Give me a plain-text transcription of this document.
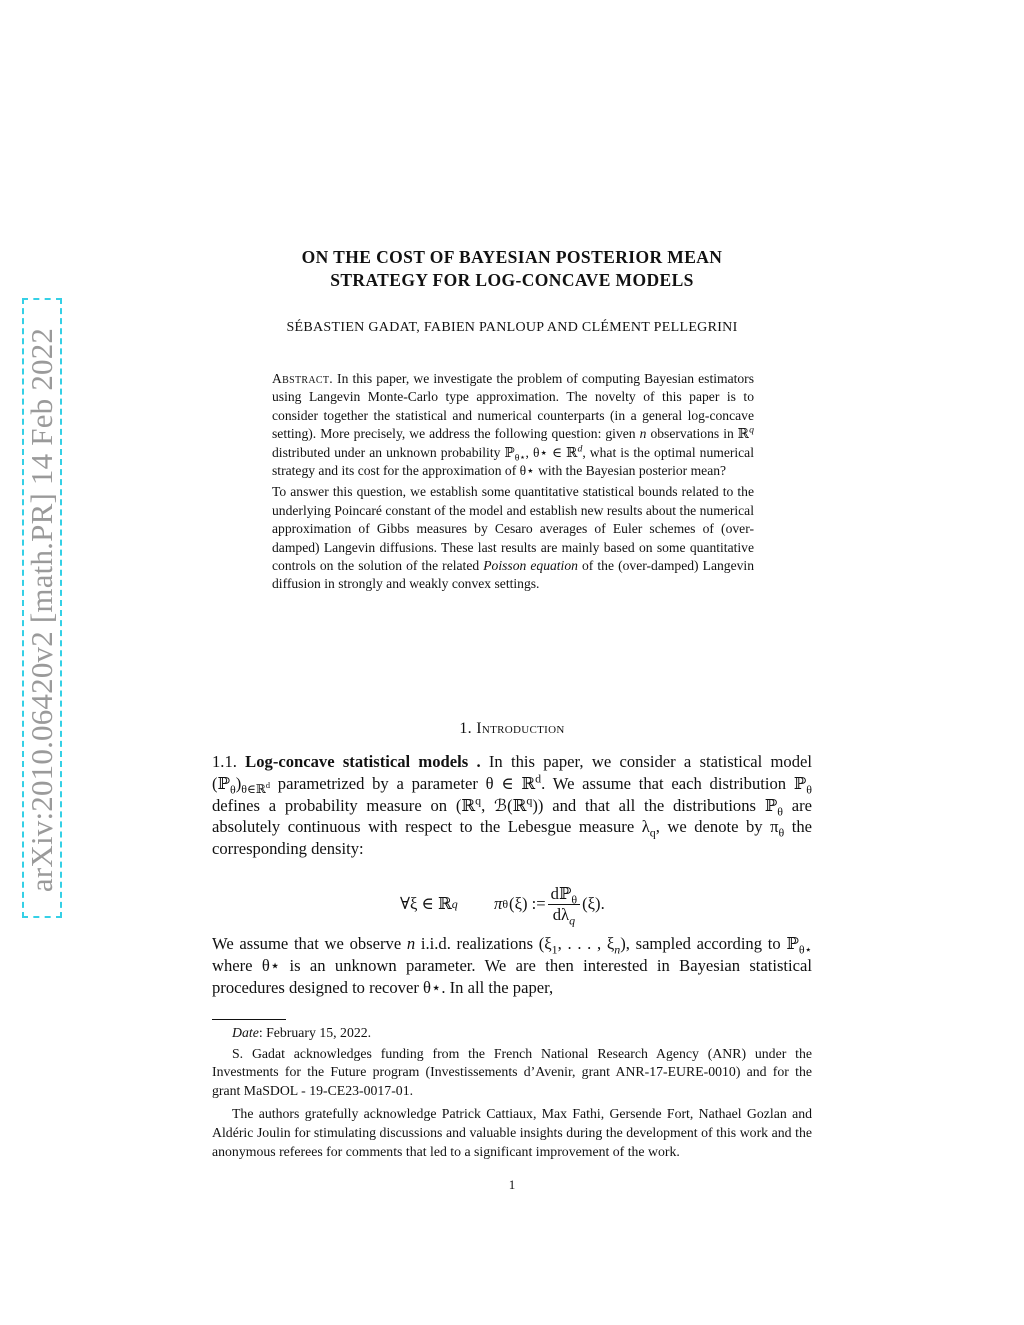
arXiv:2010.06420v2 [math.PR] 14 Feb 2022
ON THE COST OF BAYESIAN POSTERIOR MEAN
STRATEGY FOR LOG-CONCAVE MODELS
SÉBASTIEN GADAT, FABIEN PANLOUP AND CLÉMENT PELLEGRINI

Abstract. In this paper, we investigate the problem of computing Bayesian estimators using Langevin Monte-Carlo type approximation. The novelty of this paper is to consider together the statistical and numerical counterparts (in a general log-concave setting). More precisely, we address the following question: given n observations in ℝ$^q$ distributed under an unknown probability ℙ$_{\theta⋆}$, θ⋆ ∈ ℝ$^d$, what is the optimal numerical strategy and its cost for the approximation of θ⋆ with the Bayesian posterior mean?

To answer this question, we establish some quantitative statistical bounds related to the underlying Poincaré constant of the model and establish new results about the numerical approximation of Gibbs measures by Cesaro averages of Euler schemes of (over-damped) Langevin diffusions. These last results are mainly based on some quantitative controls on the solution of the related Poisson equation of the (over-damped) Langevin diffusion in strongly and weakly convex settings.

1. Introduction

1.1. Log-concave statistical models . In this paper, we consider a statistical model $(ℙ_\theta)_{\theta\in ℝ^d}$ parametrized by a parameter θ ∈ ℝ$^d$. We assume that each distribution ℙ$_\theta$ defines a probability measure on (ℝ$^q$, ℬ(ℝ$^q$)) and that all the distributions ℙ$_\theta$ are absolutely continuous with respect to the Lebesgue measure $\lambda_q$, we denote by $\pi_\theta$ the corresponding density:

∀ξ ∈ ℝ q π θ (ξ) := $\frac{dℙ_\theta}{d\lambda_q} (\xi)$.

We assume that we observe n i.i.d. realizations ($\xi_1$, . . . , $\xi_n$), sampled according to ℙ$_{\theta⋆}$ where θ⋆ is an unknown parameter. We are then interested in Bayesian statistical procedures designed to recover θ⋆. In all the paper,

Date: February 15, 2022.

S. Gadat acknowledges funding from the French National Research Agency (ANR) under the Investments for the Future program (Investissements d’Avenir, grant ANR-17-EURE-0010) and for the grant MaSDOL - 19-CE23-0017-01.

The authors gratefully acknowledge Patrick Cattiaux, Max Fathi, Gersende Fort, Nathael Gozlan and Aldéric Joulin for stimulating discussions and valuable insights during the development of this work and the anonymous referees for comments that led to a significant improvement of the work.

1
